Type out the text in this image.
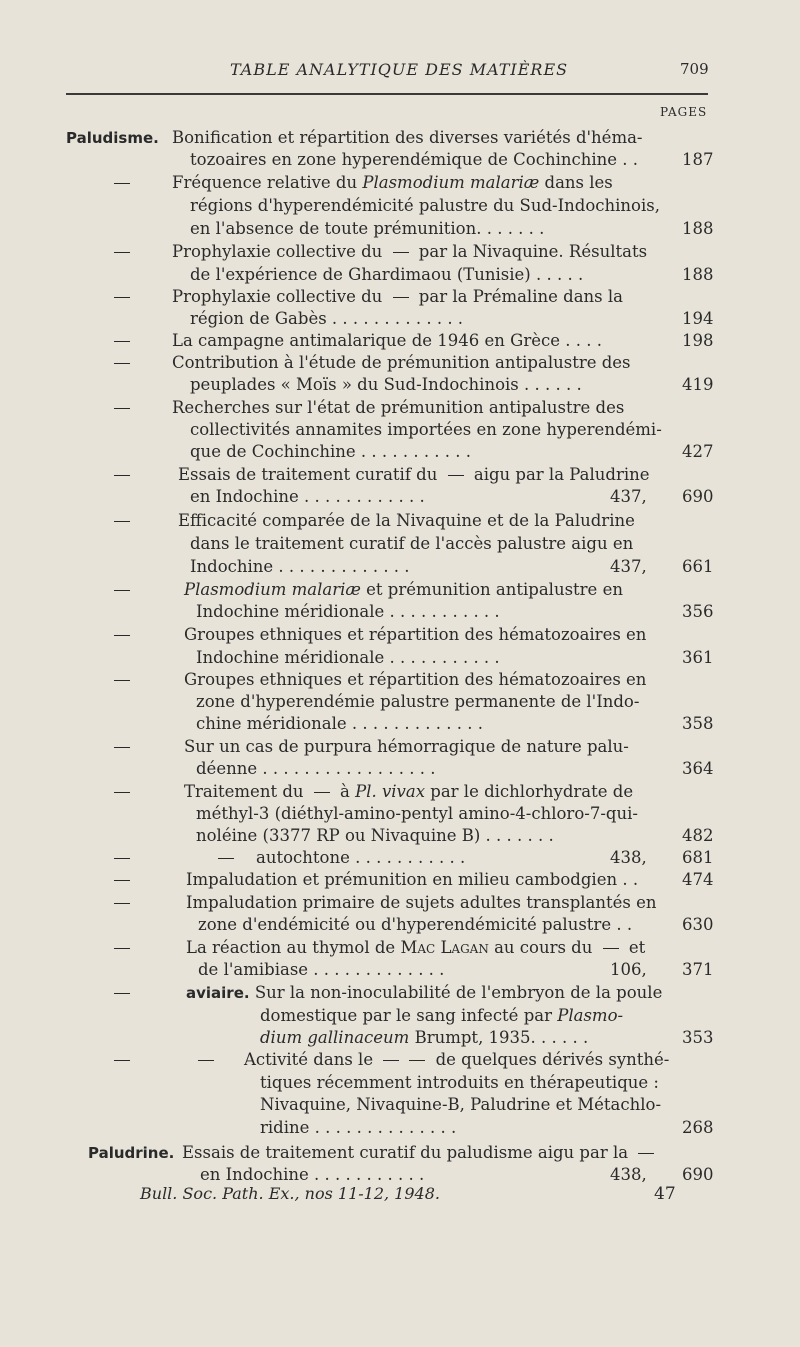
TABLE ANALYTIQUE DES MATIÈRES	709
PAGES
Paludisme. Bonification et répartition des diverses variétés d'héma-
tozoaires en zone hyperendémique de Cochinchine . .	187
Fréquence relative du Plasmodium malariæ dans les
régions d'hyperendémicité palustre du Sud-Indochinois,
en l'absence de toute prémunition. . . . . . .	188
Prophylaxie collective du  par la Nivaquine. Résultats
de l'expérience de Ghardimaou (Tunisie) . . . . .	188
Prophylaxie collective du  par la Prémaline dans la
région de Gabès . . . . . . . . . . . . .	194
La campagne antimalarique de 1946 en Grèce . . . .	198
Contribution à l'étude de prémunition antipalustre des
peuplades « Moïs » du Sud-Indochinois . . . . . .	419
Recherches sur l'état de prémunition antipalustre des
collectivités annamites importées en zone hyperendémi-
que de Cochinchine . . . . . . . . . . .	427
Essais de traitement curatif du  aigu par la Paludrine
en Indochine . . . . . . . . . . . .	437, 690
Efficacité comparée de la Nivaquine et de la Paludrine
dans le traitement curatif de l'accès palustre aigu en
Indochine . . . . . . . . . . . . .	437, 661
Plasmodium malariæ et prémunition antipalustre en
Indochine méridionale . . . . . . . . . . .	356
Groupes ethniques et répartition des hématozoaires en
Indochine méridionale . . . . . . . . . . .	361
Groupes ethniques et répartition des hématozoaires en
zone d'hyperendémie palustre permanente de l'Indo-
chine méridionale . . . . . . . . . . . . .	358
Sur un cas de purpura hémorragique de nature palu-
déenne . . . . . . . . . . . . . . . . .	364
Traitement du  à Pl. vivax par le dichlorhydrate de
méthyl-3 (diéthyl-amino-pentyl amino-4-chloro-7-qui-
noléine (3377 RP ou Nivaquine B) . . . . . . .	482
autochtone . . . . . . . . . . .	438, 681
Impaludation et prémunition en milieu cambodgien . .	474
Impaludation primaire de sujets adultes transplantés en
zone d'endémicité ou d'hyperendémicité palustre . .	630
La réaction au thymol de Mac Lagan au cours du  et
de l'amibiase . . . . . . . . . . . . .	106, 371
aviaire. Sur la non-inoculabilité de l'embryon de la poule
domestique par le sang infecté par Plasmo-
dium gallinaceum Brumpt, 1935. . . . . .	353
Activité dans le	de quelques dérivés synthé-
tiques récemment introduits en thérapeutique :
Nivaquine, Nivaquine-B, Paludrine et Métachlo-
ridine . . . . . . . . . . . . . .	268
Paludrine. Essais de traitement curatif du paludisme aigu par la
en Indochine . . . . . . . . . . .	438, 690
Bull. Soc. Path. Ex., nos 11-12, 1948.	47
